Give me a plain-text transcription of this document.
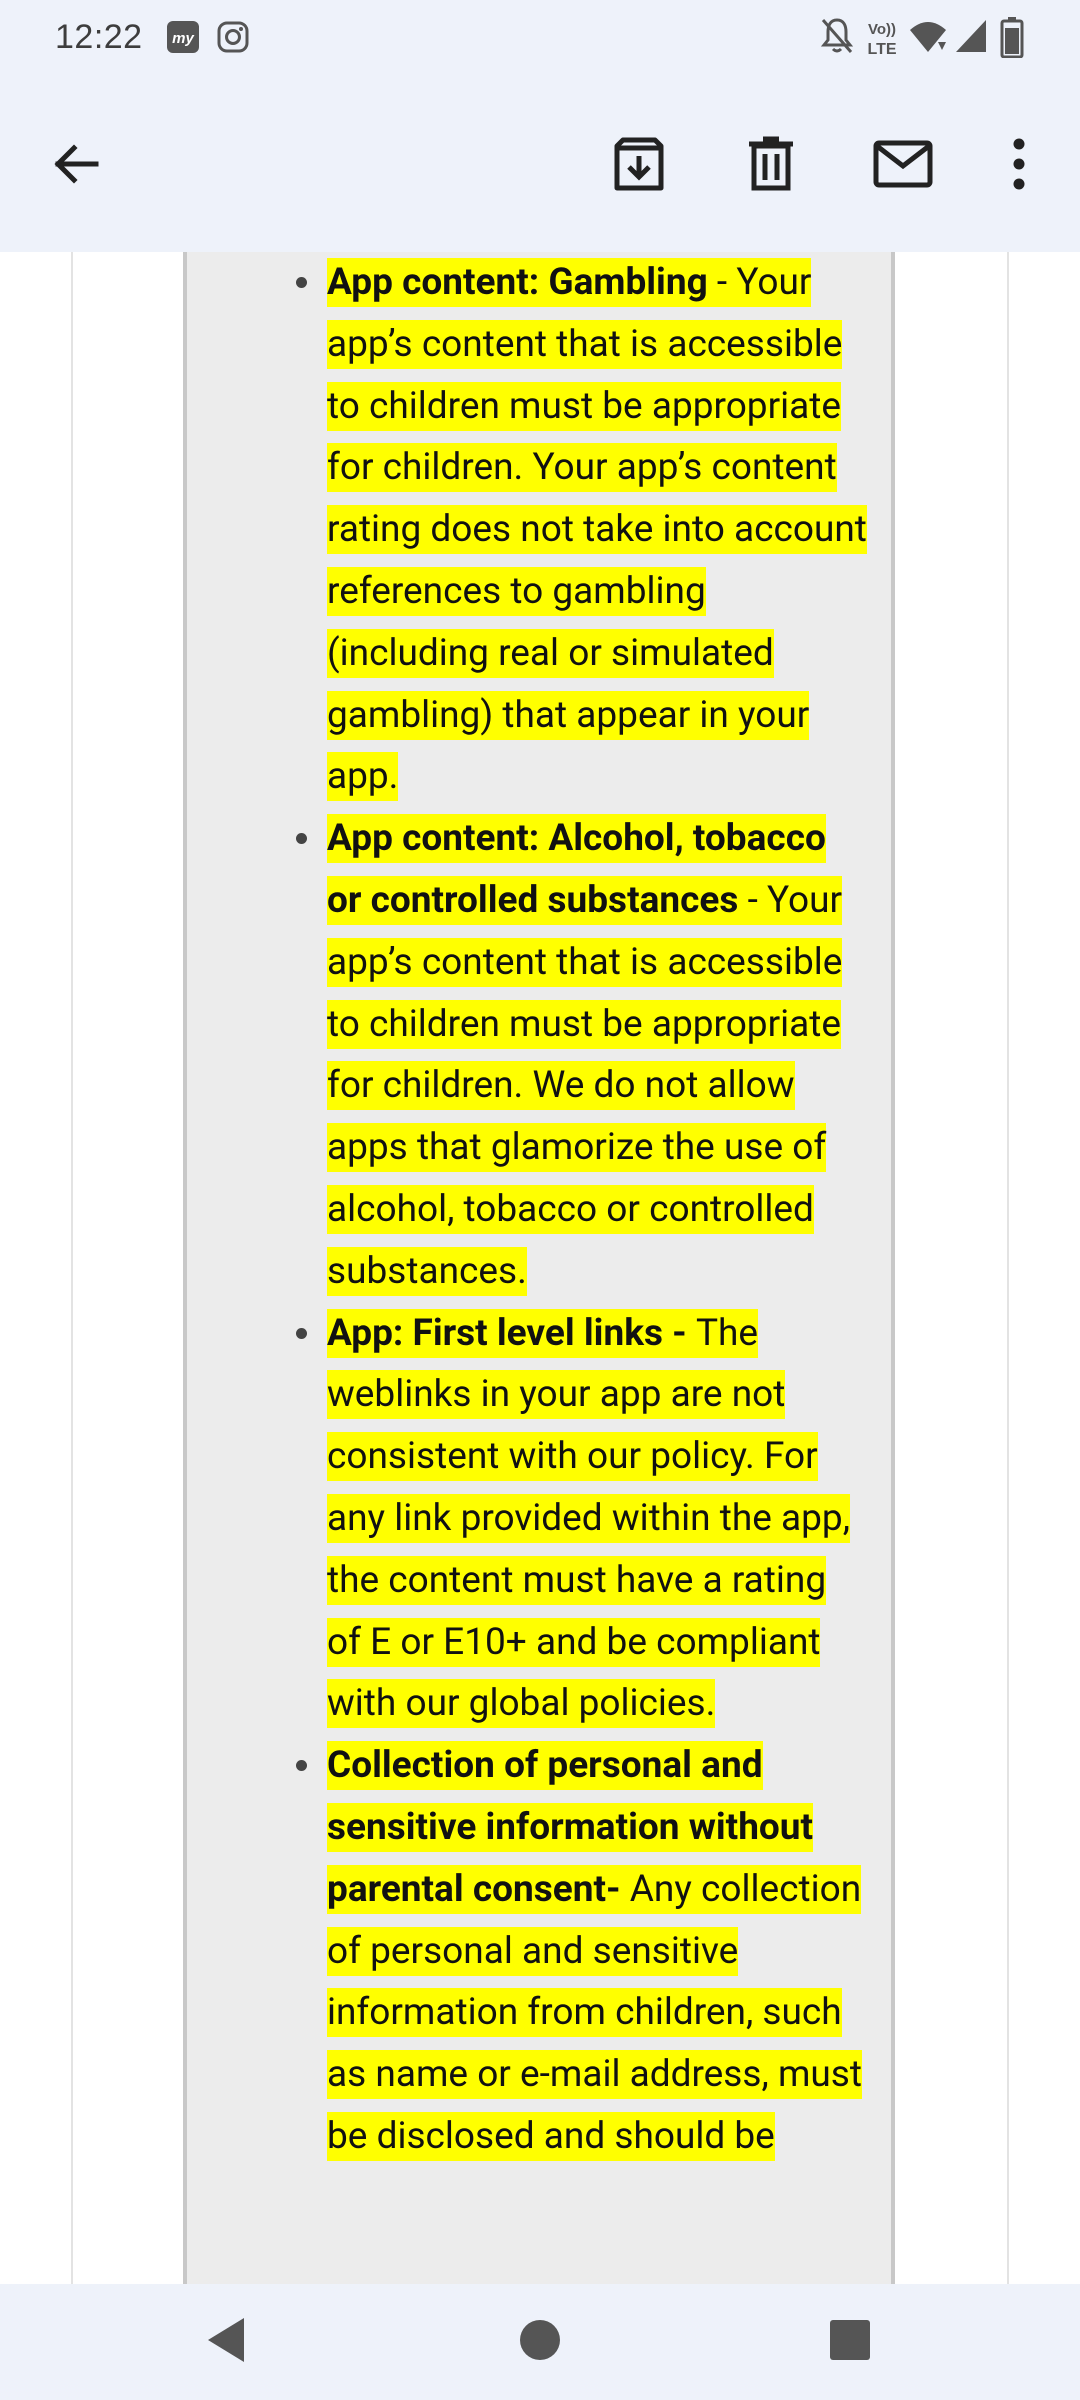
12:22 my
Vo))
LTE
App content: Gambling - Your app’s content that is accessible to children must be appropriate for children. Your app’s content rating does not take into account references to gambling (including real or simulated gambling) that appear in your app.
App content: Alcohol, tobacco or controlled substances - Your app’s content that is accessible to children must be appropriate for children. We do not allow apps that glamorize the use of alcohol, tobacco or controlled substances.
App: First level links - The weblinks in your app are not consistent with our policy. For any link provided within the app, the content must have a rating of E or E10+ and be compliant with our global policies.
Collection of personal and sensitive information without parental consent- Any collection of personal and sensitive information from children, such as name or e-mail address, must be disclosed and should be
